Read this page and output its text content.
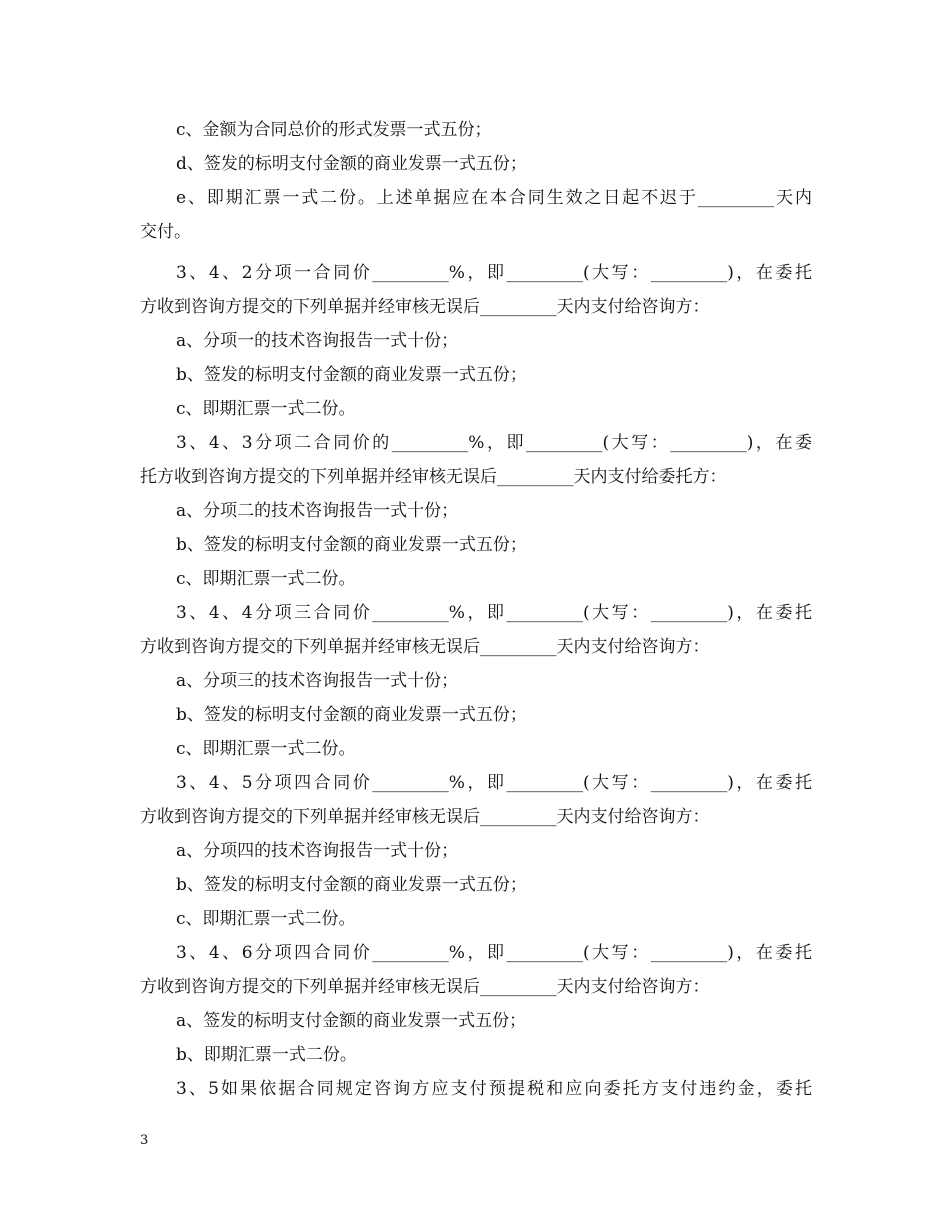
c、金额为合同总价的形式发票一式五份；
d、签发的标明支付金额的商业发票一式五份；
e、即期汇票一式二份。上述单据应在本合同生效之日起不迟于_________天内
交付。
3、4、2分项一合同价_________%，即_________(大写：_________)，在委托
方收到咨询方提交的下列单据并经审核无误后_________天内支付给咨询方：
a、分项一的技术咨询报告一式十份；
b、签发的标明支付金额的商业发票一式五份；
c、即期汇票一式二份。
3、4、3分项二合同价的_________%，即_________(大写：_________)，在委
托方收到咨询方提交的下列单据并经审核无误后_________天内支付给委托方：
a、分项二的技术咨询报告一式十份；
b、签发的标明支付金额的商业发票一式五份；
c、即期汇票一式二份。
3、4、4分项三合同价_________%，即_________(大写：_________)，在委托
方收到咨询方提交的下列单据并经审核无误后_________天内支付给咨询方：
a、分项三的技术咨询报告一式十份；
b、签发的标明支付金额的商业发票一式五份；
c、即期汇票一式二份。
3、4、5分项四合同价_________%，即_________(大写：_________)，在委托
方收到咨询方提交的下列单据并经审核无误后_________天内支付给咨询方：
a、分项四的技术咨询报告一式十份；
b、签发的标明支付金额的商业发票一式五份；
c、即期汇票一式二份。
3、4、6分项四合同价_________%，即_________(大写：_________)，在委托
方收到咨询方提交的下列单据并经审核无误后_________天内支付给咨询方：
a、签发的标明支付金额的商业发票一式五份；
b、即期汇票一式二份。
3、5如果依据合同规定咨询方应支付预提税和应向委托方支付违约金，委托
3
